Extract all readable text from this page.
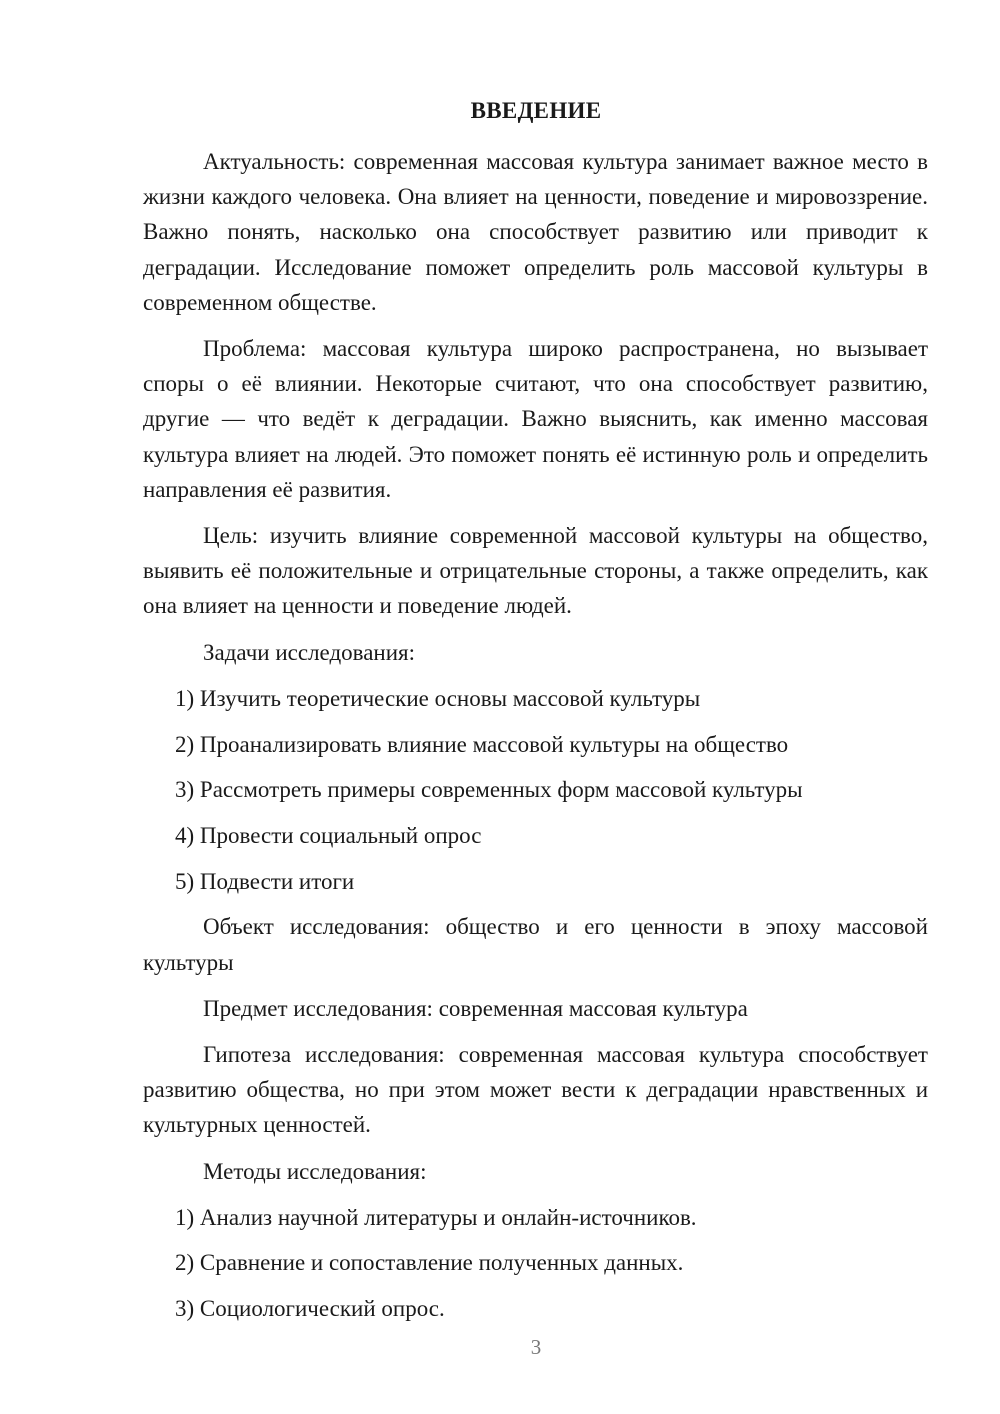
ВВЕДЕНИЕ

Актуальность: современная массовая культура занимает важное место в жизни каждого человека. Она влияет на ценности, поведение и мировоззрение. Важно понять, насколько она способствует развитию или приводит к деградации. Исследование поможет определить роль массовой культуры в современном обществе.

Проблема: массовая культура широко распространена, но вызывает споры о её влиянии. Некоторые считают, что она способствует развитию, другие — что ведёт к деградации. Важно выяснить, как именно массовая культура влияет на людей. Это поможет понять её истинную роль и определить направления её развития.

Цель: изучить влияние современной массовой культуры на общество, выявить её положительные и отрицательные стороны, а также определить, как она влияет на ценности и поведение людей.

Задачи исследования:

1) Изучить теоретические основы массовой культуры
2) Проанализировать влияние массовой культуры на общество
3) Рассмотреть примеры современных форм массовой культуры
4) Провести социальный опрос
5) Подвести итоги

Объект исследования: общество и его ценности в эпоху массовой культуры

Предмет исследования: современная массовая культура

Гипотеза исследования: современная массовая культура способствует развитию общества, но при этом может вести к деградации нравственных и культурных ценностей.

Методы исследования:

1) Анализ научной литературы и онлайн-источников.
2) Сравнение и сопоставление полученных данных.
3) Социологический опрос.
3
